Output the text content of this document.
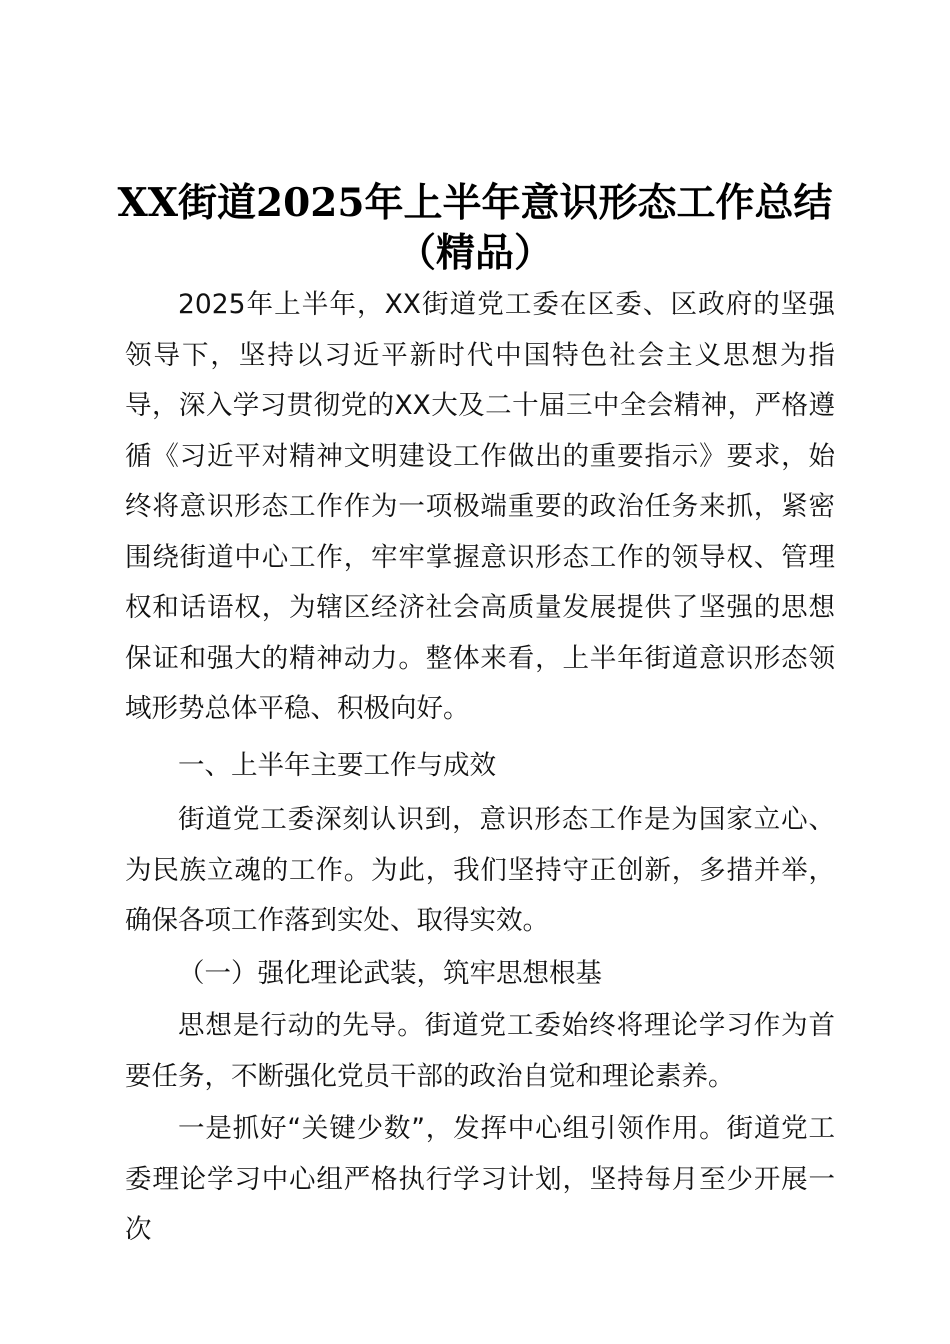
XX街道2025年上半年意识形态工作总结（精品）

2025年上半年，XX街道党工委在区委、区政府的坚强领导下，坚持以习近平新时代中国特色社会主义思想为指导，深入学习贯彻党的XX大及二十届三中全会精神，严格遵循《习近平对精神文明建设工作做出的重要指示》要求，始终将意识形态工作作为一项极端重要的政治任务来抓，紧密围绕街道中心工作，牢牢掌握意识形态工作的领导权、管理权和话语权，为辖区经济社会高质量发展提供了坚强的思想保证和强大的精神动力。整体来看，上半年街道意识形态领域形势总体平稳、积极向好。

一、上半年主要工作与成效

街道党工委深刻认识到，意识形态工作是为国家立心、为民族立魂的工作。为此，我们坚持守正创新，多措并举，确保各项工作落到实处、取得实效。

（一）强化理论武装，筑牢思想根基

思想是行动的先导。街道党工委始终将理论学习作为首要任务，不断强化党员干部的政治自觉和理论素养。

一是抓好“关键少数”，发挥中心组引领作用。街道党工委理论学习中心组严格执行学习计划，坚持每月至少开展一次
